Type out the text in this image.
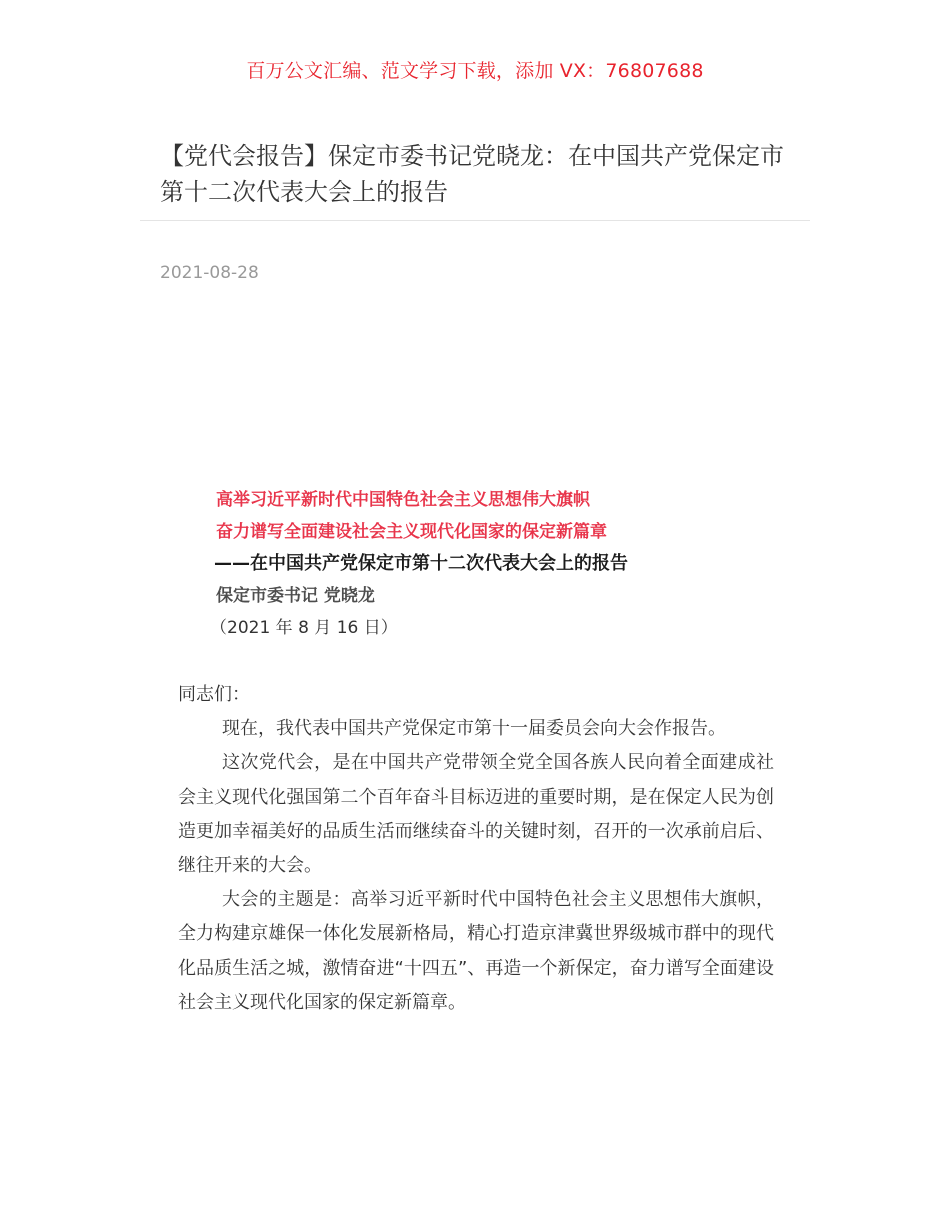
百万公文汇编、范文学习下载，添加 VX：76807688
【党代会报告】保定市委书记党晓龙：在中国共产党保定市第十二次代表大会上的报告
2021-08-28
高举习近平新时代中国特色社会主义思想伟大旗帜
奋力谱写全面建设社会主义现代化国家的保定新篇章
——在中国共产党保定市第十二次代表大会上的报告
保定市委书记 党晓龙
（2021 年 8 月 16 日）

同志们：

现在，我代表中国共产党保定市第十一届委员会向大会作报告。

这次党代会，是在中国共产党带领全党全国各族人民向着全面建成社会主义现代化强国第二个百年奋斗目标迈进的重要时期，是在保定人民为创造更加幸福美好的品质生活而继续奋斗的关键时刻，召开的一次承前启后、继往开来的大会。

大会的主题是：高举习近平新时代中国特色社会主义思想伟大旗帜，全力构建京雄保一体化发展新格局，精心打造京津冀世界级城市群中的现代化品质生活之城，激情奋进“十四五”、再造一个新保定，奋力谱写全面建设社会主义现代化国家的保定新篇章。
